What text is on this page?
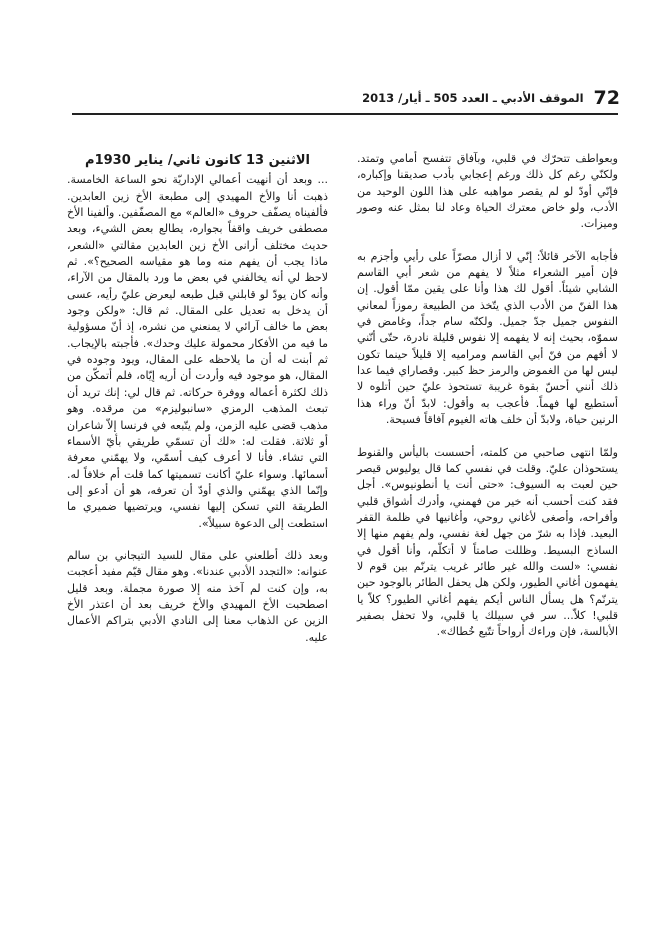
72
الموقف الأدبي ـ العدد 505 ـ أيار/ 2013

وبعواطف تتحرّك في قلبي، وبآفاق تتفسح أمامي وتمتد. ولكنّي رغم كل ذلك ورغم إعجابي بأدب صديقنا وإكباره، فإنّي أودّ لو لم يقصر مواهبه على هذا اللون الوحيد من الأدب، ولو خاض معترك الحياة وعاد لنا بمثل عنه وصور وميزات.

فأجابه الآخر قائلاً: إنّي لا أزال مصرّاً على رأيي وأجزم به فإن أمير الشعراء مثلاً لا يفهم من شعر أبي القاسم الشابي شيئاً. أقول لك هذا وأنا على يقين ممّا أقول. إن هذا الفنّ من الأدب الذي يتّخذ من الطبيعة رموزاً لمعاني النفوس جميل جدّ جميل. ولكنّه سام جداً، وغامض في سموّه، بحيث إنه لا يفهمه إلا نفوس قليلة نادرة، حتّى أنّني لا أفهم من فنّ أبي القاسم ومراميه إلا قليلاً حينما تكون ليس لها من الغموض والرمز حظ كبير. وقصاراي فيما عدا ذلك أنني أحسّ بقوة غريبة تستحوذ عليّ حين أتلوه لا أستطيع لها فهماً. فأعجب به وأقول: لابدّ أنّ وراء هذا الرنين حياة، ولابدّ أن خلف هاته الغيوم آفاقاً فسيحة.

ولمّا انتهى صاحبي من كلمته، أحسست باليأس والقنوط يستحوذان عليّ. وقلت في نفسي كما قال يوليوس قيصر حين لعبت به السيوف: «حتى أنت يا أنطونيوس». أجل فقد كنت أحسب أنه خير من فهمني، وأدرك أشواق قلبي وأفراحه، وأصغى لأغاني روحي، وأغانيها في ظلمة القفر البعيد. فإذا به شرّ من جهل لغة نفسي، ولم يفهم منها إلا الساذج البسيط. وظللت صامتاً لا أتكلّم، وأنا أقول في نفسي: «لست والله غير طائر غريب يترنّم بين قوم لا يفهمون أغاني الطيور، ولكن هل يحفل الطائر بالوجود حين يترنّم؟ هل يسأل الناس أيكم يفهم أغاني الطيور؟ كلاّ يا قلبي! كلاّ... سر في سبيلك يا قلبي، ولا تحفل بصفير الأبالسة، فإن وراءك أرواحاً تتّبع خُطاك».

الاثنين 13 كانون ثاني/ يناير 1930م

... وبعد أن أنهيت أعمالي الإداريّة نحو الساعة الخامسة. ذهبت أنا والأخ المهيدي إلى مطبعة الأخ زين العابدين. فألفيناه يصفّف حروف «العالم» مع المصفّفين. وألفينا الأخ مصطفى خريف واقفاً بجواره، يطالع بعض الشيء، وبعد حديث مختلف أرانى الأخ زين العابدين مقالتي «الشعر، ماذا يجب أن يفهم منه وما هو مقياسه الصحيح؟». ثم لاحظ لي أنه يخالفني في بعض ما ورد بالمقال من الآراء، وأنه كان يودّ لو قابلني قبل طبعه ليعرض عليّ رأيه، عسى أن يدخل به تعديل على المقال. ثم قال: «ولكن وجود بعض ما خالف آرائي لا يمنعني من نشره، إذ أنّ مسؤولية ما فيه من الأفكار محمولة عليك وحدك». فأجبته بالإيجاب. ثم أبنت له أن ما يلاحظه على المقال، ويود وجوده في المقال، هو موجود فيه وأردت أن أريه إيّاه، فلم أتمكّن من ذلك لكثرة أعماله ووفرة حركاته. ثم قال لي: إنك تريد أن تبعث المذهب الرمزي «سانبوليزم» من مرقده. وهو مذهب قضى عليه الزمن، ولم يتّبعه في فرنسا إلاّ شاعران أو ثلاثة. فقلت له: «لك أن تسمّي طريقي بأيّ الأسماء التي تشاء. فأنا لا أعرف كيف أسمّي، ولا يهمّني معرفة أسمائها. وسواء عليّ أكانت تسميتها كما قلت أم خلافاً له. وإنّما الذي يهمّني والذي أودّ أن تعرفه، هو أن أدعو إلى الطريقة التي تسكن إليها نفسي، ويرتضيها ضميري ما استطعت إلى الدعوة سبيلاً».

وبعد ذلك أطلعني على مقال للسيد التيجاني بن سالم عنوانه: «التجدد الأدبي عندنا». وهو مقال قيّم مفيد أعجبت به، وإن كنت لم آخذ منه إلا صورة مجملة. وبعد قليل اصطحبت الأخ المهيدي والأخ خريف بعد أن اعتذر الأخ الزين عن الذهاب معنا إلى النادي الأدبي بتراكم الأعمال عليه.
